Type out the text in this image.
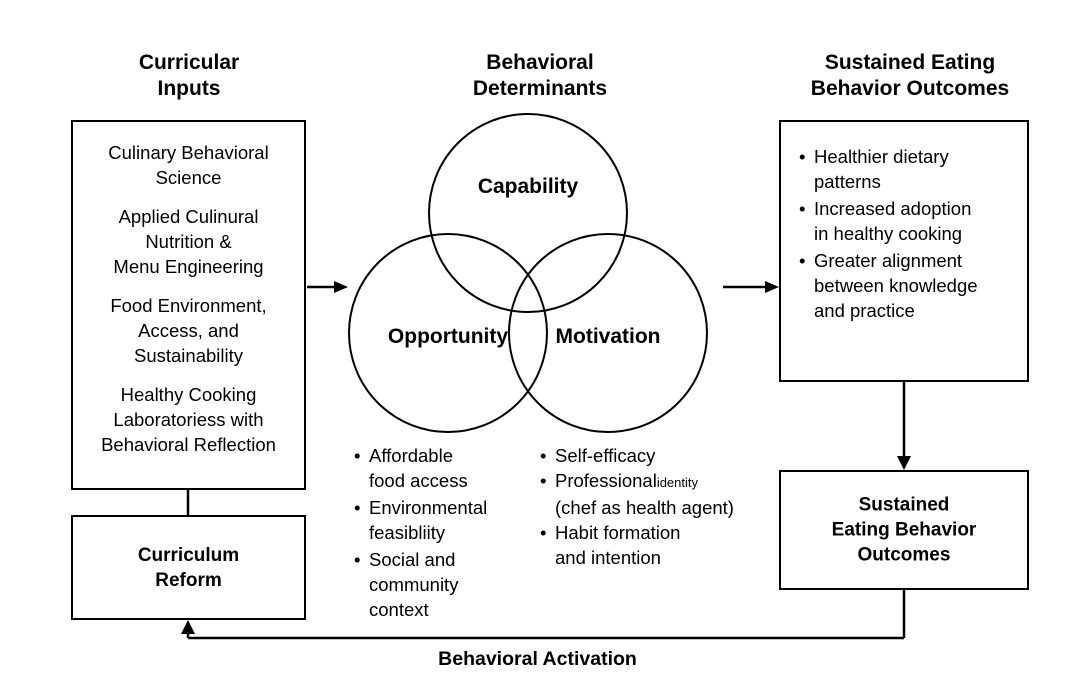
Curricular
Inputs
Behavioral
Determinants
Sustained Eating
Behavior Outcomes
Culinary Behavioral
Science
Applied Culinural
Nutrition &
Menu Engineering
Food Environment,
Access, and
Sustainability
Healthy Cooking
Laboratoriess with
Behavioral Reflection
Curriculum
Reform
Capability
Opportunity	Motivation
• Affordable
food access
• Environmental
feasibliity
• Social and
community
context
• Self-efficacy
• Professionalidentity
(chef as health agent)
• Habit formation
and intention
• Healthier dietary
patterns
• Increased adoption
in healthy cooking
• Greater alignment
between knowledge
and practice
Sustained
Eating Behavior
Outcomes
Behavioral Activation
